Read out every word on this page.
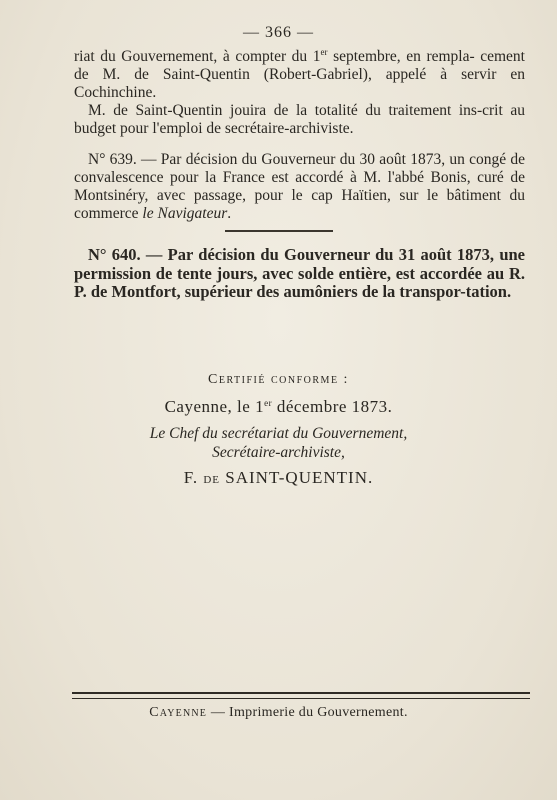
— 366 —

riat du Gouvernement, à compter du 1er septembre, en rempla- cement de M. de Saint-Quentin (Robert-Gabriel), appelé à servir en Cochinchine.

M. de Saint-Quentin jouira de la totalité du traitement ins-crit au budget pour l'emploi de secrétaire-archiviste.

N° 639. — Par décision du Gouverneur du 30 août 1873, un congé de convalescence pour la France est accordé à M. l'abbé Bonis, curé de Montsinéry, avec passage, pour le cap Haïtien, sur le bâtiment du commerce le Navigateur.

N° 640. — Par décision du Gouverneur du 31 août 1873, une permission de tente jours, avec solde entière, est accordée au R. P. de Montfort, supérieur des aumôniers de la transpor-tation.

Certifié conforme :
Cayenne, le 1er décembre 1873.
Le Chef du secrétariat du Gouvernement,
Secrétaire-archiviste,
F. de SAINT-QUENTIN.
Cayenne — Imprimerie du Gouvernement.
